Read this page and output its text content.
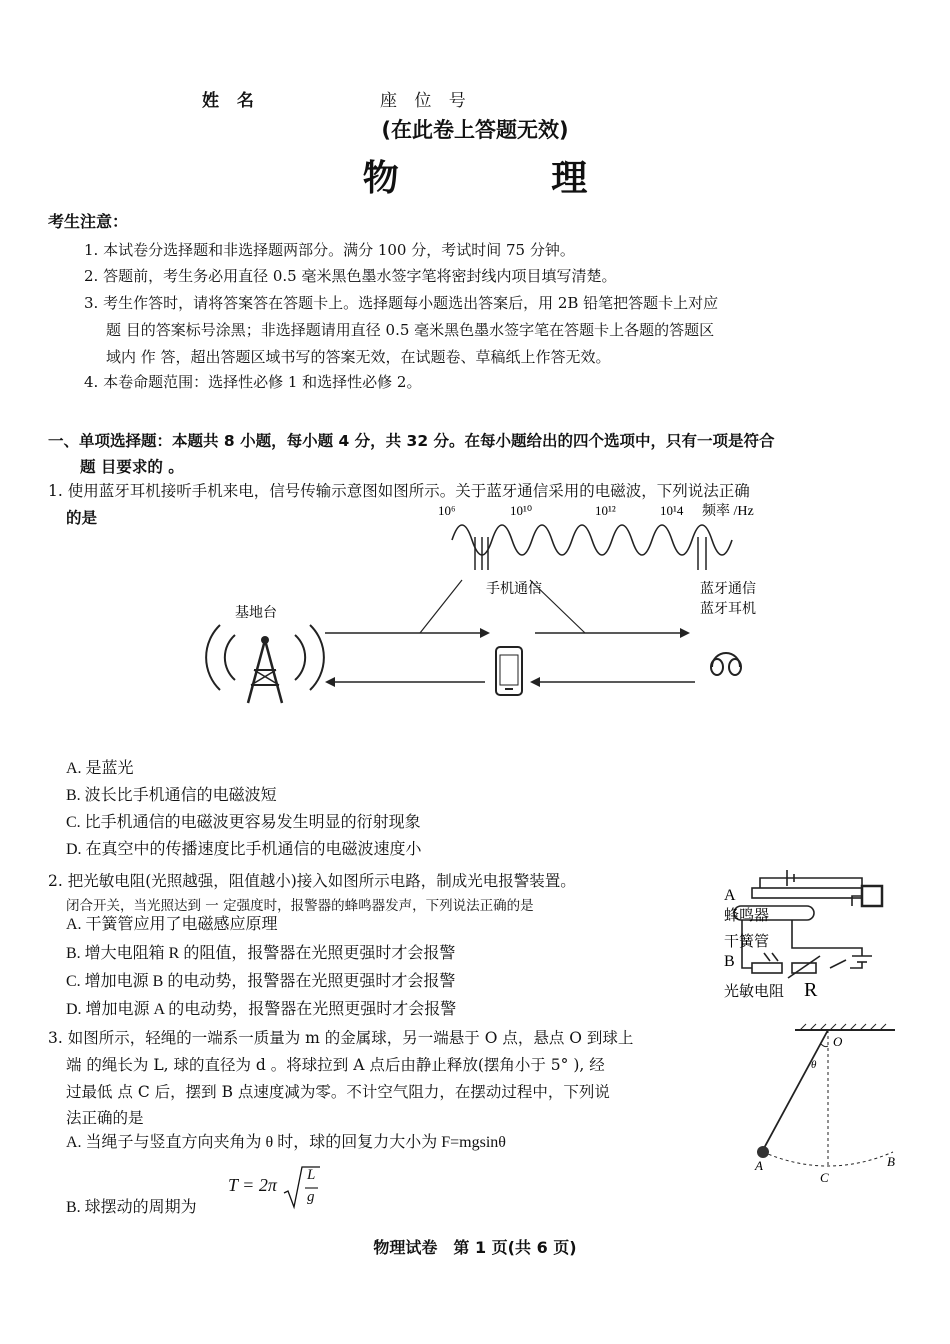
姓 名	座 位 号
(在此卷上答题无效)
物 理
考生注意：
1. 本试卷分选择题和非选择题两部分。满分 100 分，考试时间 75 分钟。
2. 答题前，考生务必用直径 0.5 毫米黑色墨水签字笔将密封线内项目填写清楚。
3. 考生作答时，请将答案答在答题卡上。选择题每小题选出答案后，用 2B 铅笔把答题卡上对应
题 目的答案标号涂黑；非选择题请用直径 0.5 毫米黑色墨水签字笔在答题卡上各题的答题区
域内 作 答，超出答题区域书写的答案无效，在试题卷、草稿纸上作答无效。
4. 本卷命题范围：选择性必修 1 和选择性必修 2。
一、单项选择题：本题共 8 小题，每小题 4 分，共 32 分。在每小题给出的四个选项中，只有一项是符合
题 目要求的 。
1. 使用蓝牙耳机接听手机来电，信号传输示意图如图所示。关于蓝牙通信采用的电磁波，下列说法正确
的是	10⁶	10¹⁰	10¹²	10¹4 频率 /Hz
手机通信	蓝牙通信
蓝牙耳机
基地台
A. 是蓝光
B. 波长比手机通信的电磁波短
C. 比手机通信的电磁波更容易发生明显的衍射现象
D. 在真空中的传播速度比手机通信的电磁波速度小
2. 把光敏电阻(光照越强，阻值越小)接入如图所示电路，制成光电报警装置。
闭合开关，当光照达到 一 定强度时，报警器的蜂鸣器发声，下列说法正确的是
A. 干簧管应用了电磁感应原理
B. 增大电阻箱 R 的阻值，报警器在光照更强时才会报警
C. 增加电源 B 的电动势，报警器在光照更强时才会报警
D. 增加电源 A 的电动势，报警器在光照更强时才会报警
A
蜂鸣器
干簧管
B
光敏电阻 R
3. 如图所示，轻绳的一端系一质量为 m 的金属球，另一端悬于 O 点，悬点 O 到球上
端 的绳长为 L, 球的直径为 d 。将球拉到 A 点后由静止释放(摆角小于 5° ), 经
过最低 点 C 后，摆到 B 点速度减为零。不计空气阻力，在摆动过程中，下列说
法正确的是
A. 当绳子与竖直方向夹角为 θ 时，球的回复力大小为 F=mgsinθ
B. 球摆动的周期为
T = 2π L
g
O
θ
A
C
B
物理试卷　第 1 页(共 6 页)
